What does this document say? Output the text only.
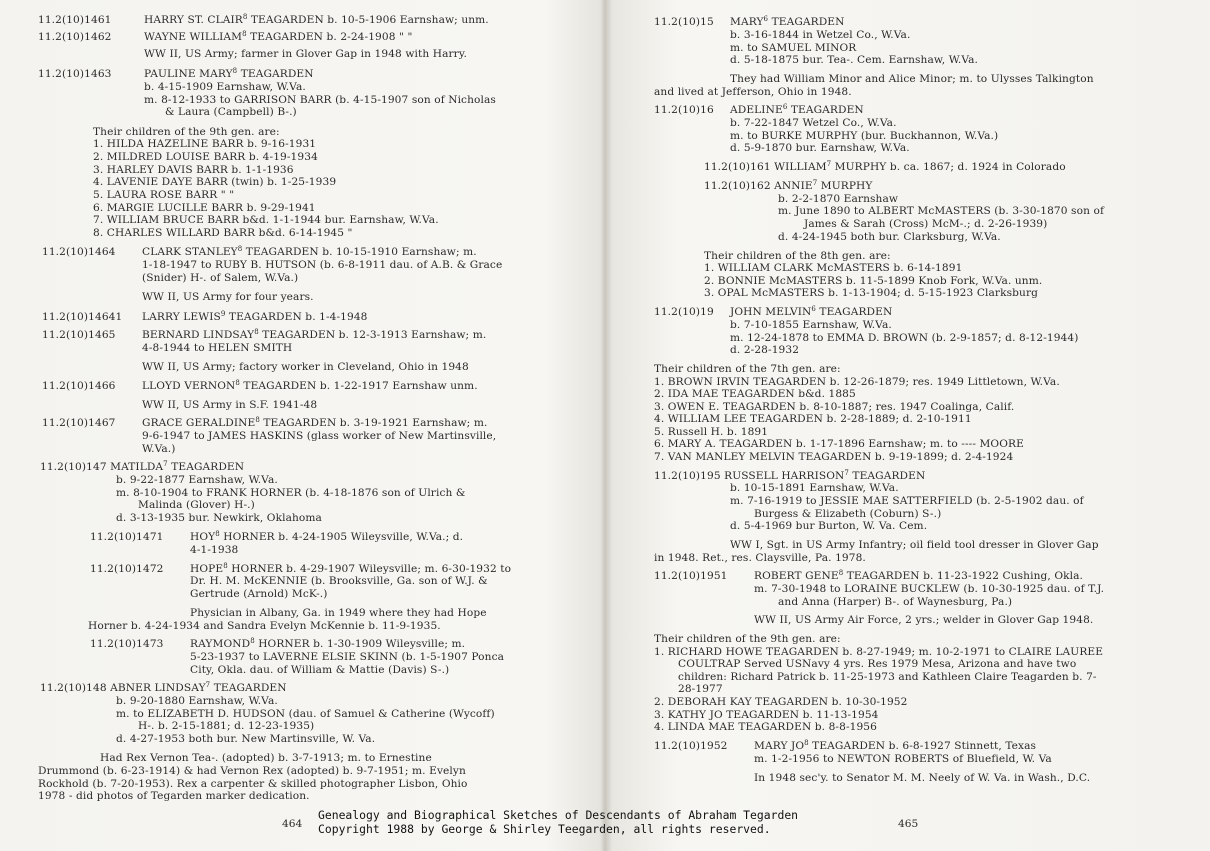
11.2(10)1461	HARRY ST. CLAIR$^8$ TEAGARDEN b. 10-5-1906 Earnshaw; unm.
11.2(10)1462	WAYNE WILLIAM$^8$ TEAGARDEN b. 2-24-1908 " "
WW II, US Army; farmer in Glover Gap in 1948 with Harry.
11.2(10)1463	PAULINE MARY$^8$ TEAGARDEN
b. 4-15-1909 Earnshaw, W.Va.
m. 8-12-1933 to GARRISON BARR (b. 4-15-1907 son of Nicholas
& Laura (Campbell) B-.)
Their children of the 9th gen. are:
1. HILDA HAZELINE BARR b. 9-16-1931
2. MILDRED LOUISE BARR b. 4-19-1934
3. HARLEY DAVIS BARR b. 1-1-1936
4. LAVENIE DAYE BARR (twin) b. 1-25-1939
5. LAURA ROSE BARR " "
6. MARGIE LUCILLE BARR b. 9-29-1941
7. WILLIAM BRUCE BARR b&d. 1-1-1944 bur. Earnshaw, W.Va.
8. CHARLES WILLARD BARR b&d. 6-14-1945 "
11.2(10)1464	CLARK STANLEY$^8$ TEAGARDEN b. 10-15-1910 Earnshaw; m.
1-18-1947 to RUBY B. HUTSON (b. 6-8-1911 dau. of A.B. & Grace
(Snider) H-. of Salem, W.Va.)
WW II, US Army for four years.
11.2(10)14641 LARRY LEWIS$^9$ TEAGARDEN b. 1-4-1948
11.2(10)1465	BERNARD LINDSAY$^8$ TEAGARDEN b. 12-3-1913 Earnshaw; m.
4-8-1944 to HELEN SMITH
WW II, US Army; factory worker in Cleveland, Ohio in 1948
11.2(10)1466	LLOYD VERNON$^8$ TEAGARDEN b. 1-22-1917 Earnshaw unm.
WW II, US Army in S.F. 1941-48
11.2(10)1467	GRACE GERALDINE$^8$ TEAGARDEN b. 3-19-1921 Earnshaw; m.
9-6-1947 to JAMES HASKINS (glass worker of New Martinsville,
W.Va.)
11.2(10)147 MATILDA$^7$ TEAGARDEN
b. 9-22-1877 Earnshaw, W.Va.
m. 8-10-1904 to FRANK HORNER (b. 4-18-1876 son of Ulrich &
Malinda (Glover) H-.)
d. 3-13-1935 bur. Newkirk, Oklahoma
11.2(10)1471	HOY$^8$ HORNER b. 4-24-1905 Wileysville, W.Va.; d.
4-1-1938
11.2(10)1472	HOPE$^8$ HORNER b. 4-29-1907 Wileysville; m. 6-30-1932 to
Dr. H. M. McKENNIE (b. Brooksville, Ga. son of W.J. &
Gertrude (Arnold) McK-.)
Physician in Albany, Ga. in 1949 where they had Hope
Horner b. 4-24-1934 and Sandra Evelyn McKennie b. 11-9-1935.
11.2(10)1473	RAYMOND$^8$ HORNER b. 1-30-1909 Wileysville; m.
5-23-1937 to LAVERNE ELSIE SKINN (b. 1-5-1907 Ponca
City, Okla. dau. of William & Mattie (Davis) S-.)
11.2(10)148 ABNER LINDSAY$^7$ TEAGARDEN
b. 9-20-1880 Earnshaw, W.Va.
m. to ELIZABETH D. HUDSON (dau. of Samuel & Catherine (Wycoff)
H-. b. 2-15-1881; d. 12-23-1935)
d. 4-27-1953 both bur. New Martinsville, W. Va.
Had Rex Vernon Tea-. (adopted) b. 3-7-1913; m. to Ernestine
Drummond (b. 6-23-1914) & had Vernon Rex (adopted) b. 9-7-1951; m. Evelyn
Rockhold (b. 7-20-1953). Rex a carpenter & skilled photographer Lisbon, Ohio
1978 - did photos of Tegarden marker dedication.
11.2(10)15 MARY$^6$ TEAGARDEN
b. 3-16-1844 in Wetzel Co., W.Va.
m. to SAMUEL MINOR
d. 5-18-1875 bur. Tea-. Cem. Earnshaw, W.Va.
They had William Minor and Alice Minor; m. to Ulysses Talkington
and lived at Jefferson, Ohio in 1948.
11.2(10)16 ADELINE$^6$ TEAGARDEN
b. 7-22-1847 Wetzel Co., W.Va.
m. to BURKE MURPHY (bur. Buckhannon, W.Va.)
d. 5-9-1870 bur. Earnshaw, W.Va.
11.2(10)161 WILLIAM$^7$ MURPHY b. ca. 1867; d. 1924 in Colorado
11.2(10)162 ANNIE$^7$ MURPHY
b. 2-2-1870 Earnshaw
m. June 1890 to ALBERT McMASTERS (b. 3-30-1870 son of
James & Sarah (Cross) McM-.; d. 2-26-1939)
d. 4-24-1945 both bur. Clarksburg, W.Va.
Their children of the 8th gen. are:
1. WILLIAM CLARK McMASTERS b. 6-14-1891
2. BONNIE McMASTERS b. 11-5-1899 Knob Fork, W.Va. unm.
3. OPAL McMASTERS b. 1-13-1904; d. 5-15-1923 Clarksburg
11.2(10)19 JOHN MELVIN$^6$ TEAGARDEN
b. 7-10-1855 Earnshaw, W.Va.
m. 12-24-1878 to EMMA D. BROWN (b. 2-9-1857; d. 8-12-1944)
d. 2-28-1932
Their children of the 7th gen. are:
1. BROWN IRVIN TEAGARDEN b. 12-26-1879; res. 1949 Littletown, W.Va.
2. IDA MAE TEAGARDEN b&d. 1885
3. OWEN E. TEAGARDEN b. 8-10-1887; res. 1947 Coalinga, Calif.
4. WILLIAM LEE TEAGARDEN b. 2-28-1889; d. 2-10-1911
5. Russell H. b. 1891
6. MARY A. TEAGARDEN b. 1-17-1896 Earnshaw; m. to ---- MOORE
7. VAN MANLEY MELVIN TEAGARDEN b. 9-19-1899; d. 2-4-1924
11.2(10)195 RUSSELL HARRISON$^7$ TEAGARDEN
b. 10-15-1891 Earnshaw, W.Va.
m. 7-16-1919 to JESSIE MAE SATTERFIELD (b. 2-5-1902 dau. of
Burgess & Elizabeth (Coburn) S-.)
d. 5-4-1969 bur Burton, W. Va. Cem.
WW I, Sgt. in US Army Infantry; oil field tool dresser in Glover Gap
in 1948. Ret., res. Claysville, Pa. 1978.
11.2(10)1951	ROBERT GENE$^8$ TEAGARDEN b. 11-23-1922 Cushing, Okla.
m. 7-30-1948 to LORAINE BUCKLEW (b. 10-30-1925 dau. of T.J.
and Anna (Harper) B-. of Waynesburg, Pa.)
WW II, US Army Air Force, 2 yrs.; welder in Glover Gap 1948.
Their children of the 9th gen. are:
1. RICHARD HOWE TEAGARDEN b. 8-27-1949; m. 10-2-1971 to CLAIRE LAUREE
COULTRAP Served USNavy 4 yrs. Res 1979 Mesa, Arizona and have two
children: Richard Patrick b. 11-25-1973 and Kathleen Claire Teagarden b. 7-
28-1977
2. DEBORAH KAY TEAGARDEN b. 10-30-1952
3. KATHY JO TEAGARDEN b. 11-13-1954
4. LINDA MAE TEAGARDEN b. 8-8-1956
11.2(10)1952	MARY $JO^8$ TEAGARDEN b. 6-8-1927 Stinnett, Texas
m. 1-2-1956 to NEWTON ROBERTS of Bluefield, W. Va
In 1948 sec'y. to Senator M. M. Neely of W. Va. in Wash., D.C.
464	465
Genealogy and Biographical Sketches of Descendants of Abraham Tegarden
Copyright 1988 by George & Shirley Teegarden, all rights reserved.
